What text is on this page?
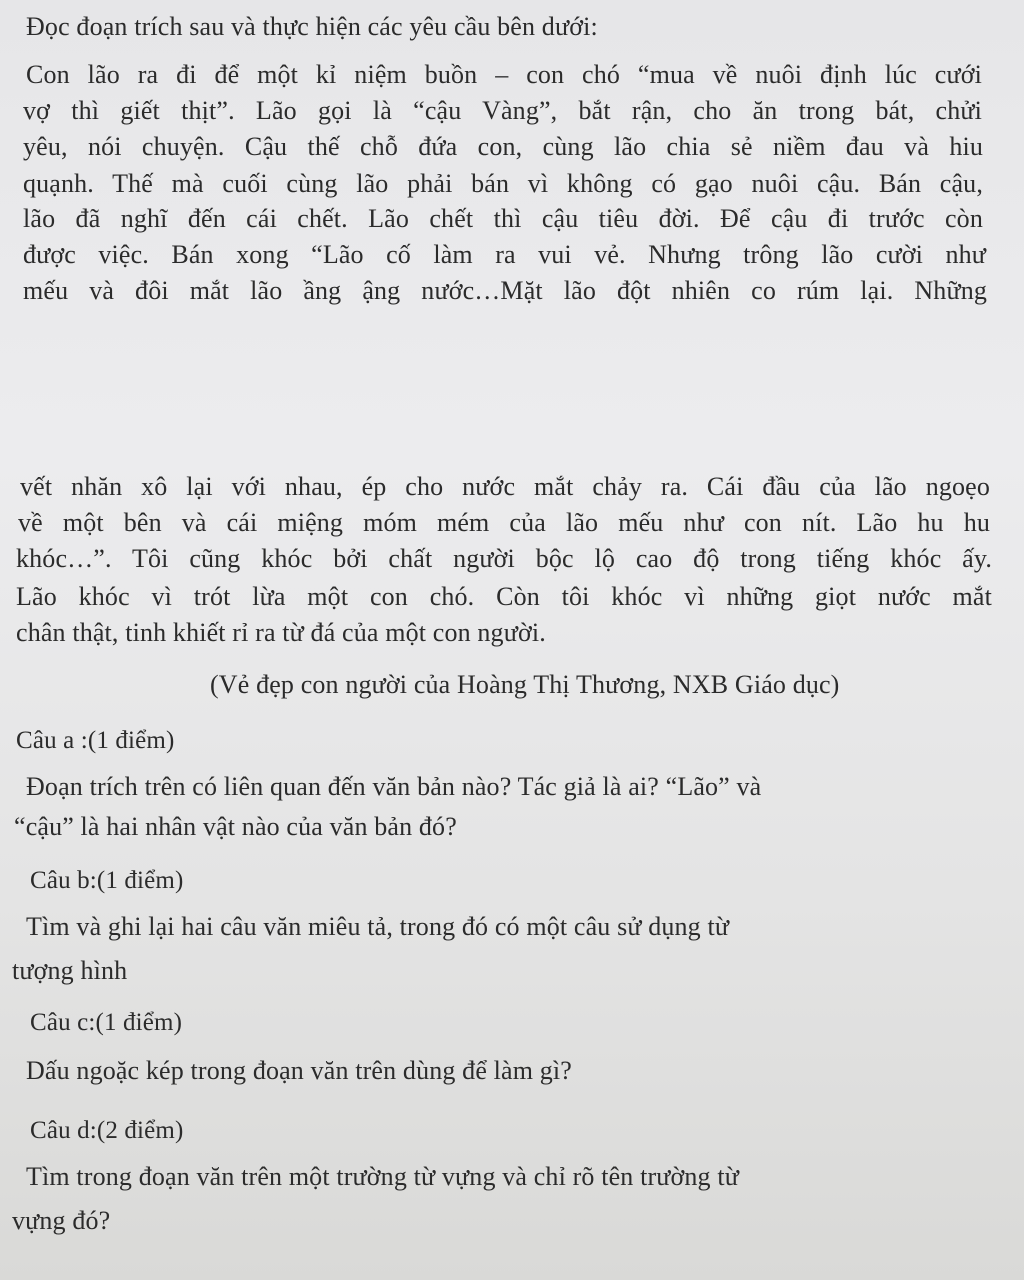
Đọc đoạn trích sau và thực hiện các yêu cầu bên dưới:
Con lão ra đi để một kỉ niệm buồn – con chó “mua về nuôi định lúc cưới
vợ thì giết thịt”. Lão gọi là “cậu Vàng”, bắt rận, cho ăn trong bát, chửi
yêu, nói chuyện. Cậu thế chỗ đứa con, cùng lão chia sẻ niềm đau và hiu
quạnh. Thế mà cuối cùng lão phải bán vì không có gạo nuôi cậu. Bán cậu,
lão đã nghĩ đến cái chết. Lão chết thì cậu tiêu đời. Để cậu đi trước còn
được việc. Bán xong “Lão cố làm ra vui vẻ. Nhưng trông lão cười như
mếu và đôi mắt lão ầng ậng nước…Mặt lão đột nhiên co rúm lại. Những
vết nhăn xô lại với nhau, ép cho nước mắt chảy ra. Cái đầu của lão ngoẹo
về một bên và cái miệng móm mém của lão mếu như con nít. Lão hu hu
khóc…”. Tôi cũng khóc bởi chất người bộc lộ cao độ trong tiếng khóc ấy.
Lão khóc vì trót lừa một con chó. Còn tôi khóc vì những giọt nước mắt
chân thật, tinh khiết rỉ ra từ đá của một con người.
(Vẻ đẹp con người của Hoàng Thị Thương, NXB Giáo dục)
Câu a :(1 điểm)
Đoạn trích trên có liên quan đến văn bản nào? Tác giả là ai? “Lão” và
“cậu” là hai nhân vật nào của văn bản đó?
Câu b:(1 điểm)
Tìm và ghi lại hai câu văn miêu tả, trong đó có một câu sử dụng từ
tượng hình
Câu c:(1 điểm)
Dấu ngoặc kép trong đoạn văn trên dùng để làm gì?
Câu d:(2 điểm)
Tìm trong đoạn văn trên một trường từ vựng và chỉ rõ tên trường từ
vựng đó?
